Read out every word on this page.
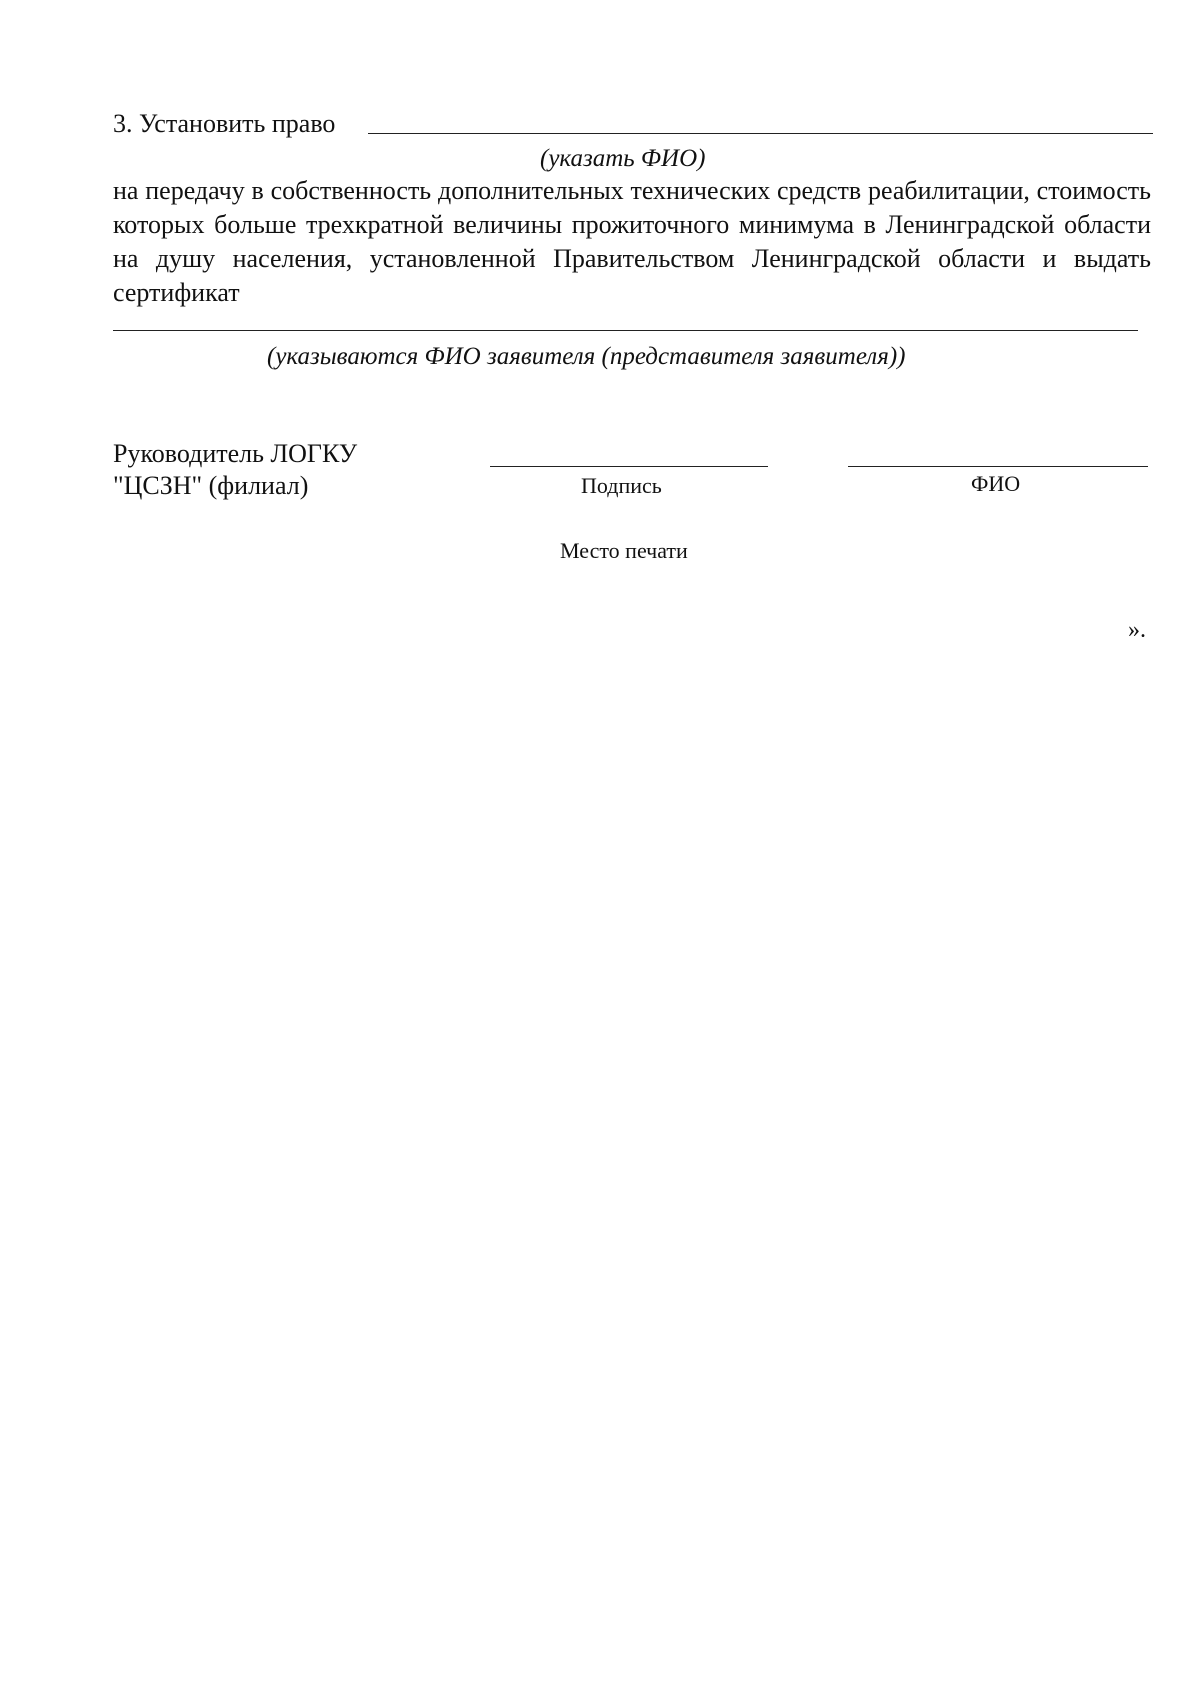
3. Установить право
(указать ФИО)
на передачу в собственность дополнительных технических средств реабилитации, стоимость которых больше трехкратной величины прожиточного минимума в Ленинградской области на душу населения, установленной Правительством Ленинградской области и выдать сертификат
(указываются ФИО заявителя (представителя заявителя))
Руководитель ЛОГКУ
"ЦСЗН" (филиал)	Подпись	ФИО
Место печати
».
